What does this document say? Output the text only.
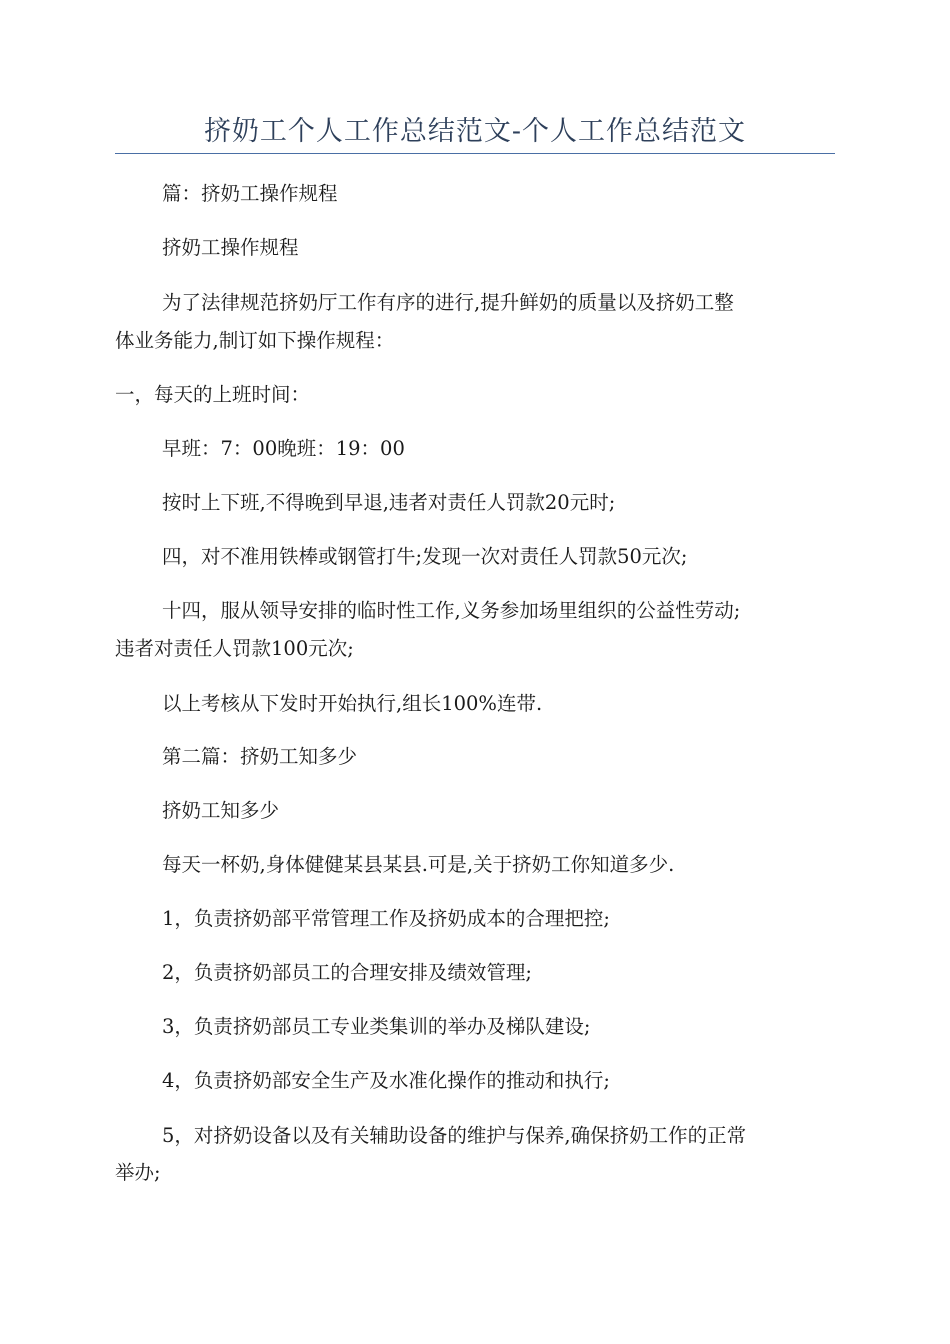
挤奶工个人工作总结范文-个人工作总结范文
篇：挤奶工操作规程
挤奶工操作规程
为了法律规范挤奶厅工作有序的进行,提升鲜奶的质量以及挤奶工整
体业务能力,制订如下操作规程：
一，每天的上班时间：
早班：7：00晚班：19：00
按时上下班,不得晚到早退,违者对责任人罚款20元时;
四，对不准用铁棒或钢管打牛;发现一次对责任人罚款50元次;
十四，服从领导安排的临时性工作,义务参加场里组织的公益性劳动;
违者对责任人罚款100元次;
以上考核从下发时开始执行,组长100%连带.
第二篇：挤奶工知多少
挤奶工知多少
每天一杯奶,身体健健某县某县.可是,关于挤奶工你知道多少.
1，负责挤奶部平常管理工作及挤奶成本的合理把控;
2，负责挤奶部员工的合理安排及绩效管理;
3，负责挤奶部员工专业类集训的举办及梯队建设;
4，负责挤奶部安全生产及水准化操作的推动和执行;
5，对挤奶设备以及有关辅助设备的维护与保养,确保挤奶工作的正常
举办;
